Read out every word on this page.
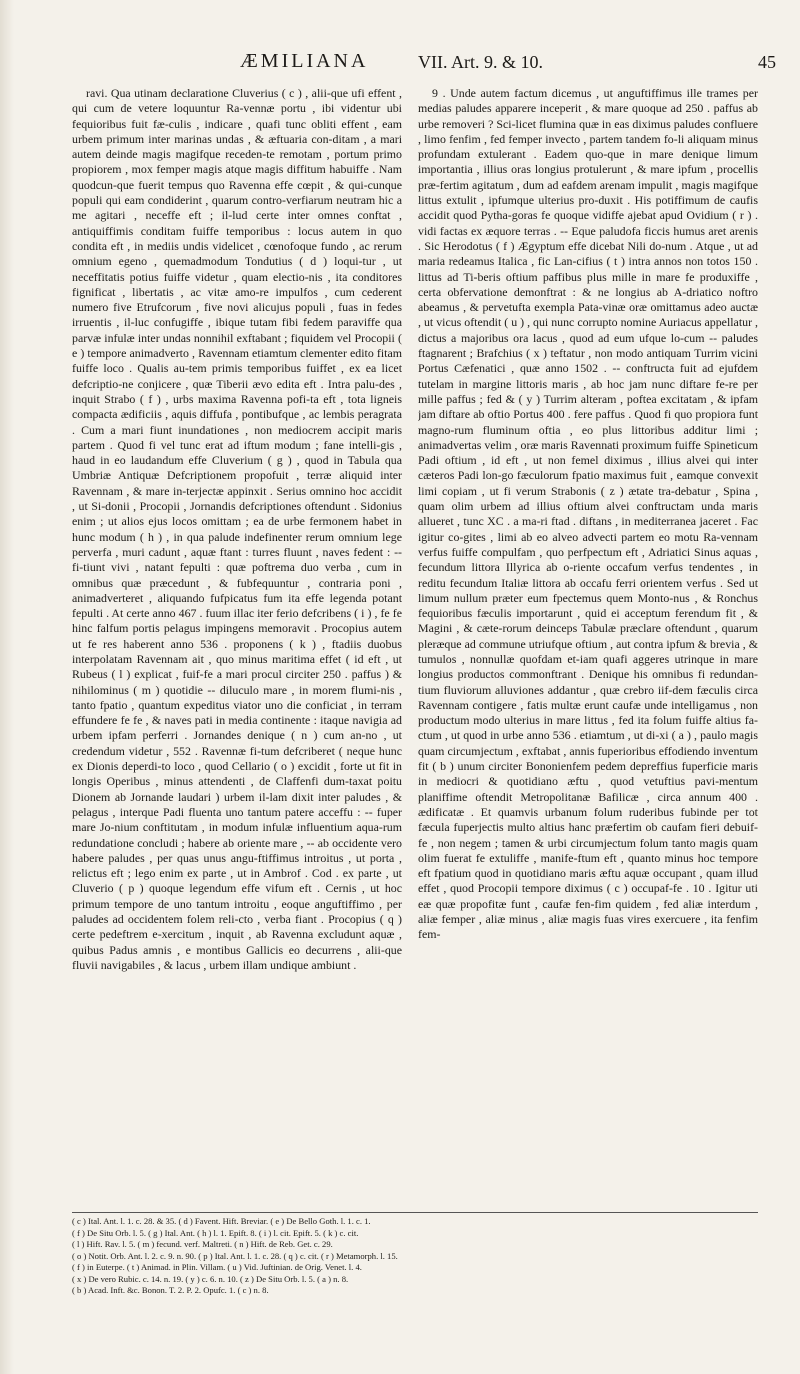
ÆMILIANA	VII. Art. 9. & 10.	45

ravi. Qua utinam declaratione Cluverius ( c ) , alii-que ufi effent , qui cum de vetere loquuntur Ra-vennæ portu , ibi videntur ubi fequioribus fuit fæ-culis , indicare , quafi tunc obliti effent , eam urbem primum inter marinas undas , & æftuaria con-ditam , a mari autem deinde magis magifque receden-te remotam , portum primo propiorem , mox femper magis atque magis diffitum habuiffe . Nam quodcun-que fuerit tempus quo Ravenna effe cœpit , & qui-cunque populi qui eam condiderint , quarum contro-verfiarum neutram hic a me agitari , neceffe eft ; il-lud certe inter omnes conftat , antiquiffimis conditam fuiffe temporibus : locus autem in quo condita eft , in mediis undis videlicet , cœnofoque fundo , ac rerum omnium egeno , quemadmodum Tondutius ( d ) loqui-tur , ut neceffitatis potius fuiffe videtur , quam electio-nis , ita conditores fignificat , libertatis , ac vitæ amo-re impulfos , cum cederent numero five Etrufcorum , five novi alicujus populi , fuas in fedes irruentis , il-luc confugiffe , ibique tutam fibi fedem paraviffe qua parvæ infulæ inter undas nonnihil exftabant ; fiquidem vel Procopii ( e ) tempore animadverto , Ravennam etiamtum clementer edito fitam fuiffe loco . Qualis au-tem primis temporibus fuiffet , ex ea licet defcriptio-ne conjicere , quæ Tiberii ævo edita eft . Intra palu-des , inquit Strabo ( f ) , urbs maxima Ravenna pofi-ta eft , tota ligneis compacta ædificiis , aquis diffufa , pontibufque , ac lembis peragrata . Cum a mari fiunt inundationes , non mediocrem accipit maris partem . Quod fi vel tunc erat ad iftum modum ; fane intelli-gis , haud in eo laudandum effe Cluverium ( g ) , quod in Tabula qua Umbriæ Antiquæ Defcriptionem propofuit , terræ aliquid inter Ravennam , & mare in-terjectæ appinxit . Serius omnino hoc accidit , ut Si-donii , Procopii , Jornandis defcriptiones oftendunt . Sidonius enim ; ut alios ejus locos omittam ; ea de urbe fermonem habet in hunc modum ( h ) , in qua palude indefinenter rerum omnium lege perverfa , muri cadunt , aquæ ftant : turres fluunt , naves fedent : -- fi-tiunt vivi , natant fepulti : quæ poftrema duo verba , cum in omnibus quæ præcedunt , & fubfequuntur , contraria poni , animadverteret , aliquando fufpicatus fum ita effe legenda potant fepulti . At certe anno 467 . fuum illac iter ferio defcribens ( i ) , fe fe hinc falfum portis pelagus impingens memoravit . Procopius autem ut fe res haberent anno 536 . proponens ( k ) , ftadiis duobus interpolatam Ravennam ait , quo minus maritima effet ( id eft , ut Rubeus ( l ) explicat , fuif-fe a mari procul circiter 250 . paffus ) & nihilominus ( m ) quotidie -- diluculo mare , in morem flumi-nis , tanto fpatio , quantum expeditus viator uno die conficiat , in terram effundere fe fe , & naves pati in media continente : itaque navigia ad urbem ipfam perferri . Jornandes denique ( n ) cum an-no , ut credendum videtur , 552 . Ravennæ fi-tum defcriberet ( neque hunc ex Dionis deperdi-to loco , quod Cellario ( o ) excidit , forte ut fit in longis Operibus , minus attendenti , de Claffenfi dum-taxat poitu Dionem ab Jornande laudari ) urbem il-lam dixit inter paludes , & pelagus , interque Padi fluenta uno tantum patere acceffu : -- fuper mare Jo-nium conftitutam , in modum infulæ influentium aqua-rum redundatione concludi ; habere ab oriente mare , -- ab occidente vero habere paludes , per quas unus angu-ftiffimus introitus , ut porta , relictus eft ; lego enim ex parte , ut in Ambrof . Cod . ex parte , ut Cluverio ( p ) quoque legendum effe vifum eft . Cernis , ut hoc primum tempore de uno tantum introitu , eoque anguftiffimo , per paludes ad occidentem folem reli-cto , verba fiant . Procopius ( q ) certe pedeftrem e-xercitum , inquit , ab Ravenna excludunt aquæ , quibus Padus amnis , e montibus Gallicis eo decurrens , alii-que fluvii navigabiles , & lacus , urbem illam undique ambiunt .

9 . Unde autem factum dicemus , ut anguftiffimus ille trames per medias paludes apparere inceperit , & mare quoque ad 250 . paffus ab urbe removeri ? Sci-licet flumina quæ in eas diximus paludes confluere , limo fenfim , fed femper invecto , partem tandem fo-li aliquam minus profundam extulerant . Eadem quo-que in mare denique limum importantia , illius oras longius protulerunt , & mare ipfum , procellis præ-fertim agitatum , dum ad eafdem arenam impulit , magis magifque littus extulit , ipfumque ulterius pro-duxit . His potiffimum de caufis accidit quod Pytha-goras fe quoque vidiffe ajebat apud Ovidium ( r ) . vidi factas ex æquore terras . -- Eque paludofa ficcis humus aret arenis . Sic Herodotus ( f ) Ægyptum effe dicebat Nili do-num . Atque , ut ad maria redeamus Italica , fic Lan-cifius ( t ) intra annos non totos 150 . littus ad Ti-beris oftium paffibus plus mille in mare fe produxiffe , certa obfervatione demonftrat : & ne longius ab A-driatico noftro abeamus , & pervetufta exempla Pata-vinæ oræ omittamus adeo auctæ , ut vicus oftendit ( u ) , qui nunc corrupto nomine Auriacus appellatur , dictus a majoribus ora lacus , quod ad eum ufque lo-cum -- paludes ftagnarent ; Brafchius ( x ) teftatur , non modo antiquam Turrim vicini Portus Cæfenatici , quæ anno 1502 . -- conftructa fuit ad ejufdem tutelam in margine littoris maris , ab hoc jam nunc diftare fe-re per mille paffus ; fed & ( y ) Turrim alteram , poftea excitatam , & ipfam jam diftare ab oftio Portus 400 . fere paffus . Quod fi quo propiora funt magno-rum fluminum oftia , eo plus littoribus additur limi ; animadvertas velim , oræ maris Ravennati proximum fuiffe Spineticum Padi oftium , id eft , ut non femel diximus , illius alvei qui inter cæteros Padi lon-go fæculorum fpatio maximus fuit , eamque convexit limi copiam , ut fi verum Strabonis ( z ) ætate tra-debatur , Spina , quam olim urbem ad illius oftium alvei conftructam unda maris allueret , tunc XC . a ma-ri ftad . diftans , in mediterranea jaceret . Fac igitur co-gites , limi ab eo alveo advecti partem eo motu Ra-vennam verfus fuiffe compulfam , quo perfpectum eft , Adriatici Sinus aquas , fecundum littora Illyrica ab o-riente occafum verfus tendentes , in reditu fecundum Italiæ littora ab occafu ferri orientem verfus . Sed ut limum nullum præter eum fpectemus quem Monto-nus , & Ronchus fequioribus fæculis importarunt , quid ei acceptum ferendum fit , & Magini , & cæte-rorum deinceps Tabulæ præclare oftendunt , quarum pleræque ad commune utriufque oftium , aut contra ipfum & brevia , & tumulos , nonnullæ quofdam et-iam quafi aggeres utrinque in mare longius productos commonftrant . Denique his omnibus fi redundan-tium fluviorum alluviones addantur , quæ crebro iif-dem fæculis circa Ravennam contigere , fatis multæ erunt caufæ unde intelligamus , non productum modo ulterius in mare littus , fed ita folum fuiffe altius fa-ctum , ut quod in urbe anno 536 . etiamtum , ut di-xi ( a ) , paulo magis quam circumjectum , exftabat , annis fuperioribus effodiendo inventum fit ( b ) unum circiter Bononienfem pedem depreffius fuperficie maris in mediocri & quotidiano æftu , quod vetuftius pavi-mentum planiffime oftendit Metropolitanæ Bafilicæ , circa annum 400 . ædificatæ . Et quamvis urbanum folum ruderibus fubinde per tot fæcula fuperjectis multo altius hanc præfertim ob caufam fieri debuif-fe , non negem ; tamen & urbi circumjectum folum tanto magis quam olim fuerat fe extuliffe , manife-ftum eft , quanto minus hoc tempore eft fpatium quod in quotidiano maris æftu aquæ occupant , quam illud effet , quod Procopii tempore diximus ( c ) occupaf-fe . 10 . Igitur uti eæ quæ propofitæ funt , caufæ fen-fim quidem , fed aliæ interdum , aliæ femper , aliæ minus , aliæ magis fuas vires exercuere , ita fenfim fem-

( c ) Ital. Ant. l. 1. c. 28. & 35. ( d ) Favent. Hift. Breviar. ( e ) De Bello Goth. l. 1. c. 1.
( f ) De Situ Orb. l. 5. ( g ) Ital. Ant. ( h ) l. 1. Epift. 8. ( i ) l. cit. Epift. 5. ( k ) c. cit.
( l ) Hift. Rav. l. 5. ( m ) fecund. verf. Maltreti. ( n ) Hift. de Reb. Get. c. 29.
( o ) Notit. Orb. Ant. l. 2. c. 9. n. 90. ( p ) Ital. Ant. l. 1. c. 28. ( q ) c. cit. ( r ) Metamorph. l. 15.
( f ) in Euterpe. ( t ) Animad. in Plin. Villam. ( u ) Vid. Juftinian. de Orig. Venet. l. 4.
( x ) De vero Rubic. c. 14. n. 19. ( y ) c. 6. n. 10. ( z ) De Situ Orb. l. 5. ( a ) n. 8.
( b ) Acad. Inft. &c. Bonon. T. 2. P. 2. Opufc. 1. ( c ) n. 8.
